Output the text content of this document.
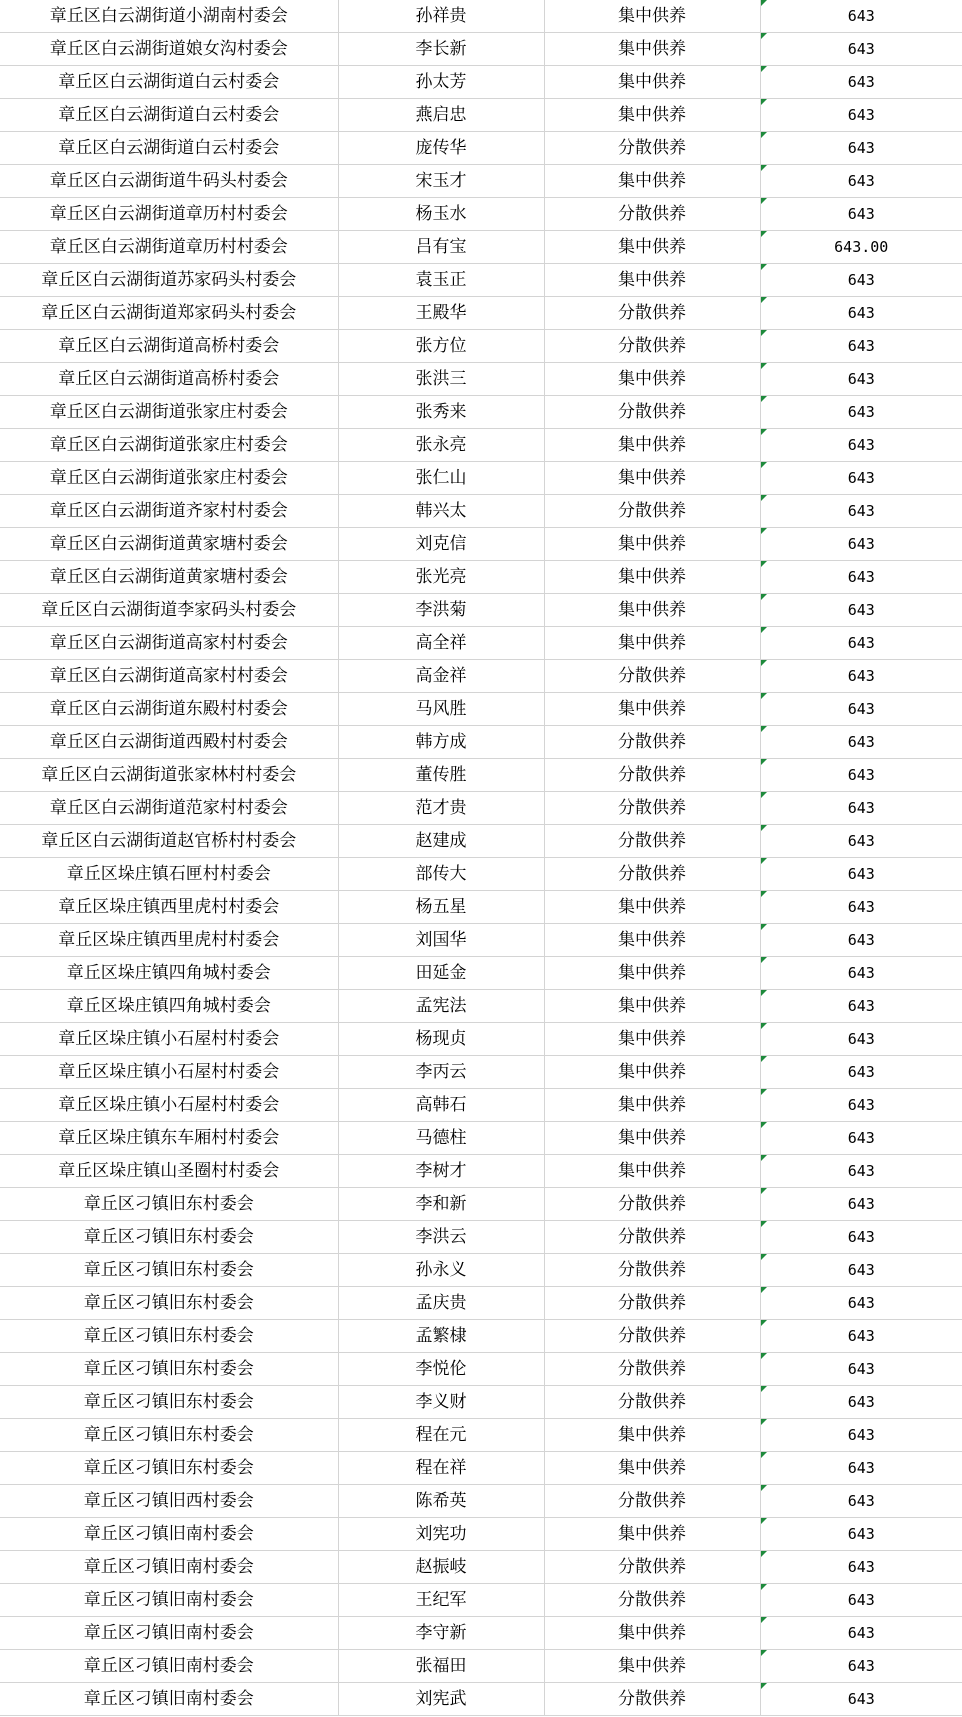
章丘区白云湖街道小湖南村委会	孙祥贵	集中供养	643
章丘区白云湖街道娘女沟村委会	李长新	集中供养	643
章丘区白云湖街道白云村委会	孙太芳	集中供养	643
章丘区白云湖街道白云村委会	燕启忠	集中供养	643
章丘区白云湖街道白云村委会	庞传华	分散供养	643
章丘区白云湖街道牛码头村委会	宋玉才	集中供养	643
章丘区白云湖街道章历村村委会	杨玉水	分散供养	643
章丘区白云湖街道章历村村委会	吕有宝	集中供养	643.00
章丘区白云湖街道苏家码头村委会	袁玉正	集中供养	643
章丘区白云湖街道郑家码头村委会	王殿华	分散供养	643
章丘区白云湖街道高桥村委会	张方位	分散供养	643
章丘区白云湖街道高桥村委会	张洪三	集中供养	643
章丘区白云湖街道张家庄村委会	张秀来	分散供养	643
章丘区白云湖街道张家庄村委会	张永亮	集中供养	643
章丘区白云湖街道张家庄村委会	张仁山	集中供养	643
章丘区白云湖街道齐家村村委会	韩兴太	分散供养	643
章丘区白云湖街道黄家塘村委会	刘克信	集中供养	643
章丘区白云湖街道黄家塘村委会	张光亮	集中供养	643
章丘区白云湖街道李家码头村委会	李洪菊	集中供养	643
章丘区白云湖街道高家村村委会	高全祥	集中供养	643
章丘区白云湖街道高家村村委会	高金祥	分散供养	643
章丘区白云湖街道东殿村村委会	马风胜	集中供养	643
章丘区白云湖街道西殿村村委会	韩方成	分散供养	643
章丘区白云湖街道张家林村村委会	董传胜	分散供养	643
章丘区白云湖街道范家村村委会	范才贵	分散供养	643
章丘区白云湖街道赵官桥村村委会	赵建成	分散供养	643
章丘区垛庄镇石匣村村委会	部传大	分散供养	643
章丘区垛庄镇西里虎村村委会	杨五星	集中供养	643
章丘区垛庄镇西里虎村村委会	刘国华	集中供养	643
章丘区垛庄镇四角城村委会	田延金	集中供养	643
章丘区垛庄镇四角城村委会	孟宪法	集中供养	643
章丘区垛庄镇小石屋村村委会	杨现贞	集中供养	643
章丘区垛庄镇小石屋村村委会	李丙云	集中供养	643
章丘区垛庄镇小石屋村村委会	高韩石	集中供养	643
章丘区垛庄镇东车厢村村委会	马德柱	集中供养	643
章丘区垛庄镇山圣圈村村委会	李树才	集中供养	643
章丘区刁镇旧东村委会	李和新	分散供养	643
章丘区刁镇旧东村委会	李洪云	分散供养	643
章丘区刁镇旧东村委会	孙永义	分散供养	643
章丘区刁镇旧东村委会	孟庆贵	分散供养	643
章丘区刁镇旧东村委会	孟繁棣	分散供养	643
章丘区刁镇旧东村委会	李悦伦	分散供养	643
章丘区刁镇旧东村委会	李义财	分散供养	643
章丘区刁镇旧东村委会	程在元	集中供养	643
章丘区刁镇旧东村委会	程在祥	集中供养	643
章丘区刁镇旧西村委会	陈希英	分散供养	643
章丘区刁镇旧南村委会	刘宪功	集中供养	643
章丘区刁镇旧南村委会	赵振岐	分散供养	643
章丘区刁镇旧南村委会	王纪军	分散供养	643
章丘区刁镇旧南村委会	李守新	集中供养	643
章丘区刁镇旧南村委会	张福田	集中供养	643
章丘区刁镇旧南村委会	刘宪武	分散供养	643
